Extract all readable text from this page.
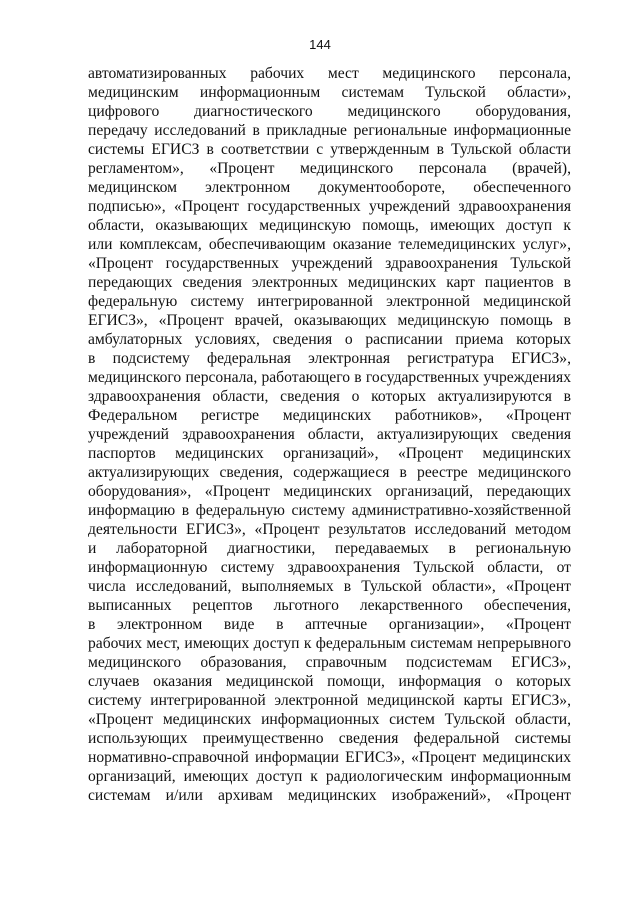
144
автоматизированных рабочих мест медицинского персонала,
медицинским информационным системам Тульской области»,
цифрового диагностического медицинского оборудования,
передачу исследований в прикладные региональные информационные
системы ЕГИСЗ в соответствии с утвержденным в Тульской области
регламентом», «Процент медицинского персонала (врачей),
медицинском электронном документообороте, обеспеченного
подписью», «Процент государственных учреждений здравоохранения
области, оказывающих медицинскую помощь, имеющих доступ к
или комплексам, обеспечивающим оказание телемедицинских услуг»,
«Процент государственных учреждений здравоохранения Тульской
передающих сведения электронных медицинских карт пациентов в
федеральную систему интегрированной электронной медицинской
ЕГИСЗ», «Процент врачей, оказывающих медицинскую помощь в
амбулаторных условиях, сведения о расписании приема которых
в подсистему федеральная электронная регистратура ЕГИСЗ»,
медицинского персонала, работающего в государственных учреждениях
здравоохранения области, сведения о которых актуализируются в
Федеральном регистре медицинских работников», «Процент
учреждений здравоохранения области, актуализирующих сведения
паспортов медицинских организаций», «Процент медицинских
актуализирующих сведения, содержащиеся в реестре медицинского
оборудования», «Процент медицинских организаций, передающих
информацию в федеральную систему административно-хозяйственной
деятельности ЕГИСЗ», «Процент результатов исследований методом
и лабораторной диагностики, передаваемых в региональную
информационную систему здравоохранения Тульской области, от
числа исследований, выполняемых в Тульской области», «Процент
выписанных рецептов льготного лекарственного обеспечения,
в электронном виде в аптечные организации», «Процент
рабочих мест, имеющих доступ к федеральным системам непрерывного
медицинского образования, справочным подсистемам ЕГИСЗ»,
случаев оказания медицинской помощи, информация о которых
систему интегрированной электронной медицинской карты ЕГИСЗ»,
«Процент медицинских информационных систем Тульской области,
использующих преимущественно сведения федеральной системы
нормативно-справочной информации ЕГИСЗ», «Процент медицинских
организаций, имеющих доступ к радиологическим информационным
системам и/или архивам медицинских изображений», «Процент
